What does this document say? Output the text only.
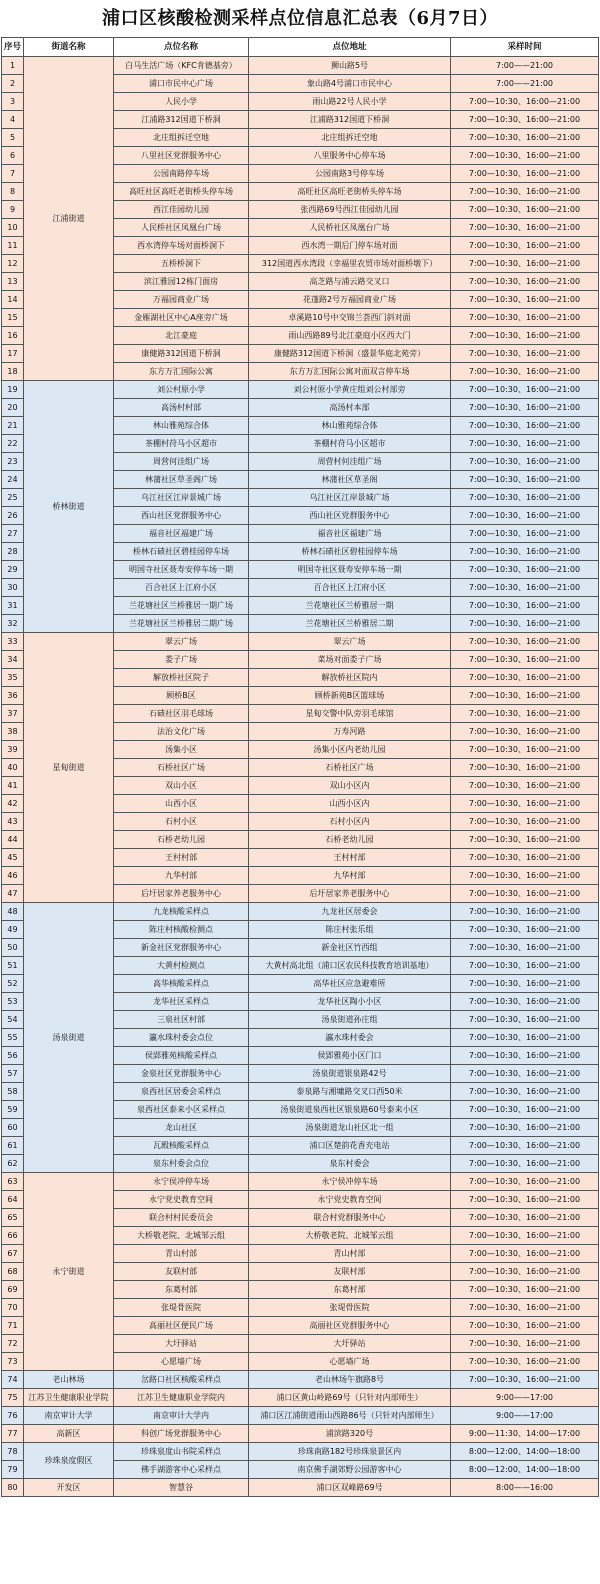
浦口区核酸检测采样点位信息汇总表（6月7日）
序号	街道名称	点位名称	点位地址	采样时间
1	江浦街道	白马生活广场（KFC肯德基旁）	狮山路5号	7:00——21:00
2		浦口市民中心广场	象山路4号浦口市民中心	7:00——21:00
3		人民小学	雨山路22号人民小学	7:00—10:30、16:00—21:00
4		江浦路312国道下桥洞	江浦路312国道下桥洞	7:00—10:30、16:00—21:00
5		北庄组拆迁空地	北庄组拆迁空地	7:00—10:30、16:00—21:00
6		八里社区党群服务中心	八里服务中心停车场	7:00—10:30、16:00—21:00
7		公园南路停车场	公园南路3号停车场	7:00—10:30、16:00—21:00
8		高旺社区高旺老街桥头停车场	高旺社区高旺老街桥头停车场	7:00—10:30、16:00—21:00
9		西江佳园幼儿园	张西路69号西江佳园幼儿园	7:00—10:30、16:00—21:00
10		人民桥社区凤凰台广场	人民桥社区凤凰台广场	7:00—10:30、16:00—21:00
11		西水湾停车场对面桥洞下	西水湾一期后门停车场对面	7:00—10:30、16:00—21:00
12		五桥桥洞下	312国道西水湾段（幸福里农贸市场对面桥墩下）	7:00—10:30、16:00—21:00
13		滨江雅园12栋门面房	高芝路与浦云路交叉口	7:00—10:30、16:00—21:00
14		万福园商业广场	花蓬路2号万福园商业广场	7:00—10:30、16:00—21:00
15		金雁湖社区中心A座旁广场	卓溪路10号中交锦兰荟西门斜对面	7:00—10:30、16:00—21:00
16		北江豪庭	雨山西路89号北江豪庭小区西大门	7:00—10:30、16:00—21:00
17		康健路312国道下桥洞	康健路312国道下桥洞（盛景华庭北苑旁）	7:00—10:30、16:00—21:00
18		东方万汇国际公寓	东方万汇国际公寓对面双言停车场	7:00—10:30、16:00—21:00
19	桥林街道	刘公村原小学	刘公村原小学黄庄组刘公村部旁	7:00—10:30、16:00—21:00
20		高汤村村部	高汤村本部	7:00—10:30、16:00—21:00
21		林山雅苑综合体	林山雅苑综合体	7:00—10:30、16:00—21:00
22		茶棚村苻马小区超市	茶棚村苻马小区超市	7:00—10:30、16:00—21:00
23		周营何洼组广场	周营村何洼组广场	7:00—10:30、16:00—21:00
24		林蒲社区草圣阁广场	林蒲社区草圣阁	7:00—10:30、16:00—21:00
25		乌江社区江岸景城广场	乌江社区江岸景城广场	7:00—10:30、16:00—21:00
26		西山社区党群服务中心	西山社区党群服务中心	7:00—10:30、16:00—21:00
27		福音社区福建广场	福音社区福建广场	7:00—10:30、16:00—21:00
28		桥林石碛社区碧桂园停车场	桥林石碛社区碧桂园停车场	7:00—10:30、16:00—21:00
29		明国寺社区聂寿安停车场一期	明国寺社区聂寿安停车场一期	7:00—10:30、16:00—21:00
30		百合社区上江府小区	百合社区上江府小区	7:00—10:30、16:00—21:00
31		兰花塘社区兰桥雅居一期广场	兰花塘社区兰桥雅居一期	7:00—10:30、16:00—21:00
32		兰花塘社区兰桥雅居二期广场	兰花塘社区兰桥雅居二期	7:00—10:30、16:00—21:00
33	星甸街道	翠云广场	翠云广场	7:00—10:30、16:00—21:00
34		娄子广场	菜场对面娄子广场	7:00—10:30、16:00—21:00
35		解放桥社区院子	解放桥社区院内	7:00—10:30、16:00—21:00
36		顾桥B区	顾桥新苑B区篮球场	7:00—10:30、16:00—21:00
37		石碛社区羽毛球场	星甸交警中队旁羽毛球馆	7:00—10:30、16:00—21:00
38		法治文化广场	万寿河路	7:00—10:30、16:00—21:00
39		汤集小区	汤集小区内老幼儿园	7:00—10:30、16:00—21:00
40		石桥社区广场	石桥社区广场	7:00—10:30、16:00—21:00
41		双山小区	双山小区内	7:00—10:30、16:00—21:00
42		山西小区	山西小区内	7:00—10:30、16:00—21:00
43		石村小区	石村小区内	7:00—10:30、16:00—21:00
44		石桥老幼儿园	石桥老幼儿园	7:00—10:30、16:00—21:00
45		王村村部	王村村部	7:00—10:30、16:00—21:00
46		九华村部	九华村部	7:00—10:30、16:00—21:00
47		后圩居家养老服务中心	后圩居家养老服务中心	7:00—10:30、16:00—21:00
48	汤泉街道	九龙核酸采样点	九龙社区居委会	7:00—10:30、16:00—21:00
49		陈庄村核酸检测点	陈庄村张乐组	7:00—10:30、16:00—21:00
50		新金社区党群服务中心	新金社区竹西组	7:00—10:30、16:00—21:00
51		大黄村检测点	大黄村高北组（浦口区农民科技教育培训基地）	7:00—10:30、16:00—21:00
52		高华核酸采样点	高华社区应急避难所	7:00—10:30、16:00—21:00
53		龙华社区采样点	龙华社区陶小小区	7:00—10:30、16:00—21:00
54		三泉社区村部	汤泉街道孙庄组	7:00—10:30、16:00—21:00
55		瀛水珠村委会点位	瀛水珠村委会	7:00—10:30、16:00—21:00
56		侯郢雅苑核酸采样点	侯郢雅苑小区门口	7:00—10:30、16:00—21:00
57		金泉社区党群服务中心	汤泉街道银泉路42号	7:00—10:30、16:00—21:00
58		泉西社区居委会采样点	泰泉路与湘墉路交叉口西50米	7:00—10:30、16:00—21:00
59		泉西社区泰来小区采样点	汤泉街道泉西社区银泉路60号泰来小区	7:00—10:30、16:00—21:00
60		龙山社区	汤泉街道龙山社区北一组	7:00—10:30、16:00—21:00
61		瓦殿核酸采样点	浦口区楚韵花香充电站	7:00—10:30、16:00—21:00
62		泉东村委会点位	泉东村委会	7:00—10:30、16:00—21:00
63	永宁街道	永宁侯冲停车场	永宁侯冲停车场	7:00—10:30、16:00—21:00
64		永宁党史教育空间	永宁党史教育空间	7:00—10:30、16:00—21:00
65		联合村村民委员会	联合村党群服务中心	7:00—10:30、16:00—21:00
66		大桥敬老院、北城邹云组	大桥敬老院、北城邹云组	7:00—10:30、16:00—21:00
67		青山村部	青山村部	7:00—10:30、16:00—21:00
68		友联村部	友联村部	7:00—10:30、16:00—21:00
69		东葛村部	东葛村部	7:00—10:30、16:00—21:00
70		张堤骨医院	张堤骨医院	7:00—10:30、16:00—21:00
71		高丽社区便民广场	高丽社区党群服务中心	7:00—10:30、16:00—21:00
72		大圩驿站	大圩驿站	7:00—10:30、16:00—21:00
73		心愿墙广场	心愿墙广场	7:00—10:30、16:00—21:00
74	老山林场	岔路口社区核酸采样点	老山林场午旗路8号	7:00—10:30、16:00—21:00
75	江苏卫生健康职业学院	江苏卫生健康职业学院内	浦口区黄山岭路69号（只针对内部师生）	9:00——17:00
76	南京审计大学	南京审计大学内	浦口区江浦街道雨山西路86号（只针对内部师生）	9:00——17:00
77	高新区	科创广场党群服务中心	浦滨路320号	9:00—11:30、14:00—17:00
78	珍珠泉度假区	珍珠泉度山书院采样点	珍珠南路182号珍珠泉景区内	8:00—12:00、14:00—18:00
79		佛手湖游客中心采样点	南京佛手湖郊野公园游客中心	8:00—12:00、14:00—18:00
80	开发区	智慧谷	浦口区双峰路69号	8:00——16:00
